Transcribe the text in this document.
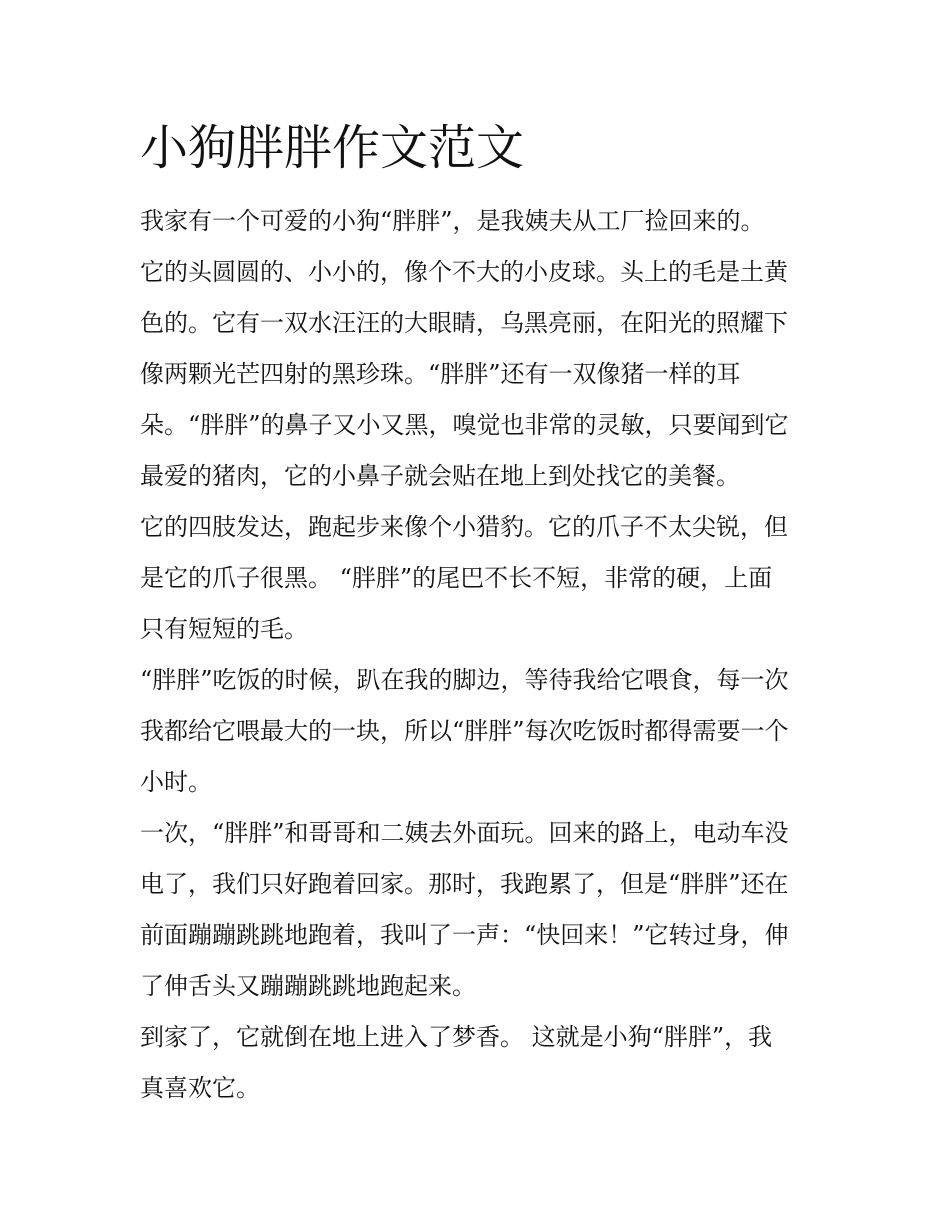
小狗胖胖作文范文

我家有一个可爱的小狗“胖胖”，是我姨夫从工厂捡回来的。

它的头圆圆的、小小的，像个不大的小皮球。头上的毛是土黄

色的。它有一双水汪汪的大眼睛，乌黑亮丽，在阳光的照耀下

像两颗光芒四射的黑珍珠。“胖胖”还有一双像猪一样的耳

朵。“胖胖”的鼻子又小又黑，嗅觉也非常的灵敏，只要闻到它

最爱的猪肉，它的小鼻子就会贴在地上到处找它的美餐。

它的四肢发达，跑起步来像个小猎豹。它的爪子不太尖锐，但

是它的爪子很黑。 “胖胖”的尾巴不长不短，非常的硬，上面

只有短短的毛。

“胖胖”吃饭的时候，趴在我的脚边，等待我给它喂食，每一次

我都给它喂最大的一块，所以“胖胖”每次吃饭时都得需要一个

小时。

一次，“胖胖”和哥哥和二姨去外面玩。回来的路上，电动车没

电了，我们只好跑着回家。那时，我跑累了，但是“胖胖”还在

前面蹦蹦跳跳地跑着，我叫了一声：“快回来！”它转过身，伸

了伸舌头又蹦蹦跳跳地跑起来。

到家了，它就倒在地上进入了梦香。 这就是小狗“胖胖”，我

真喜欢它。
